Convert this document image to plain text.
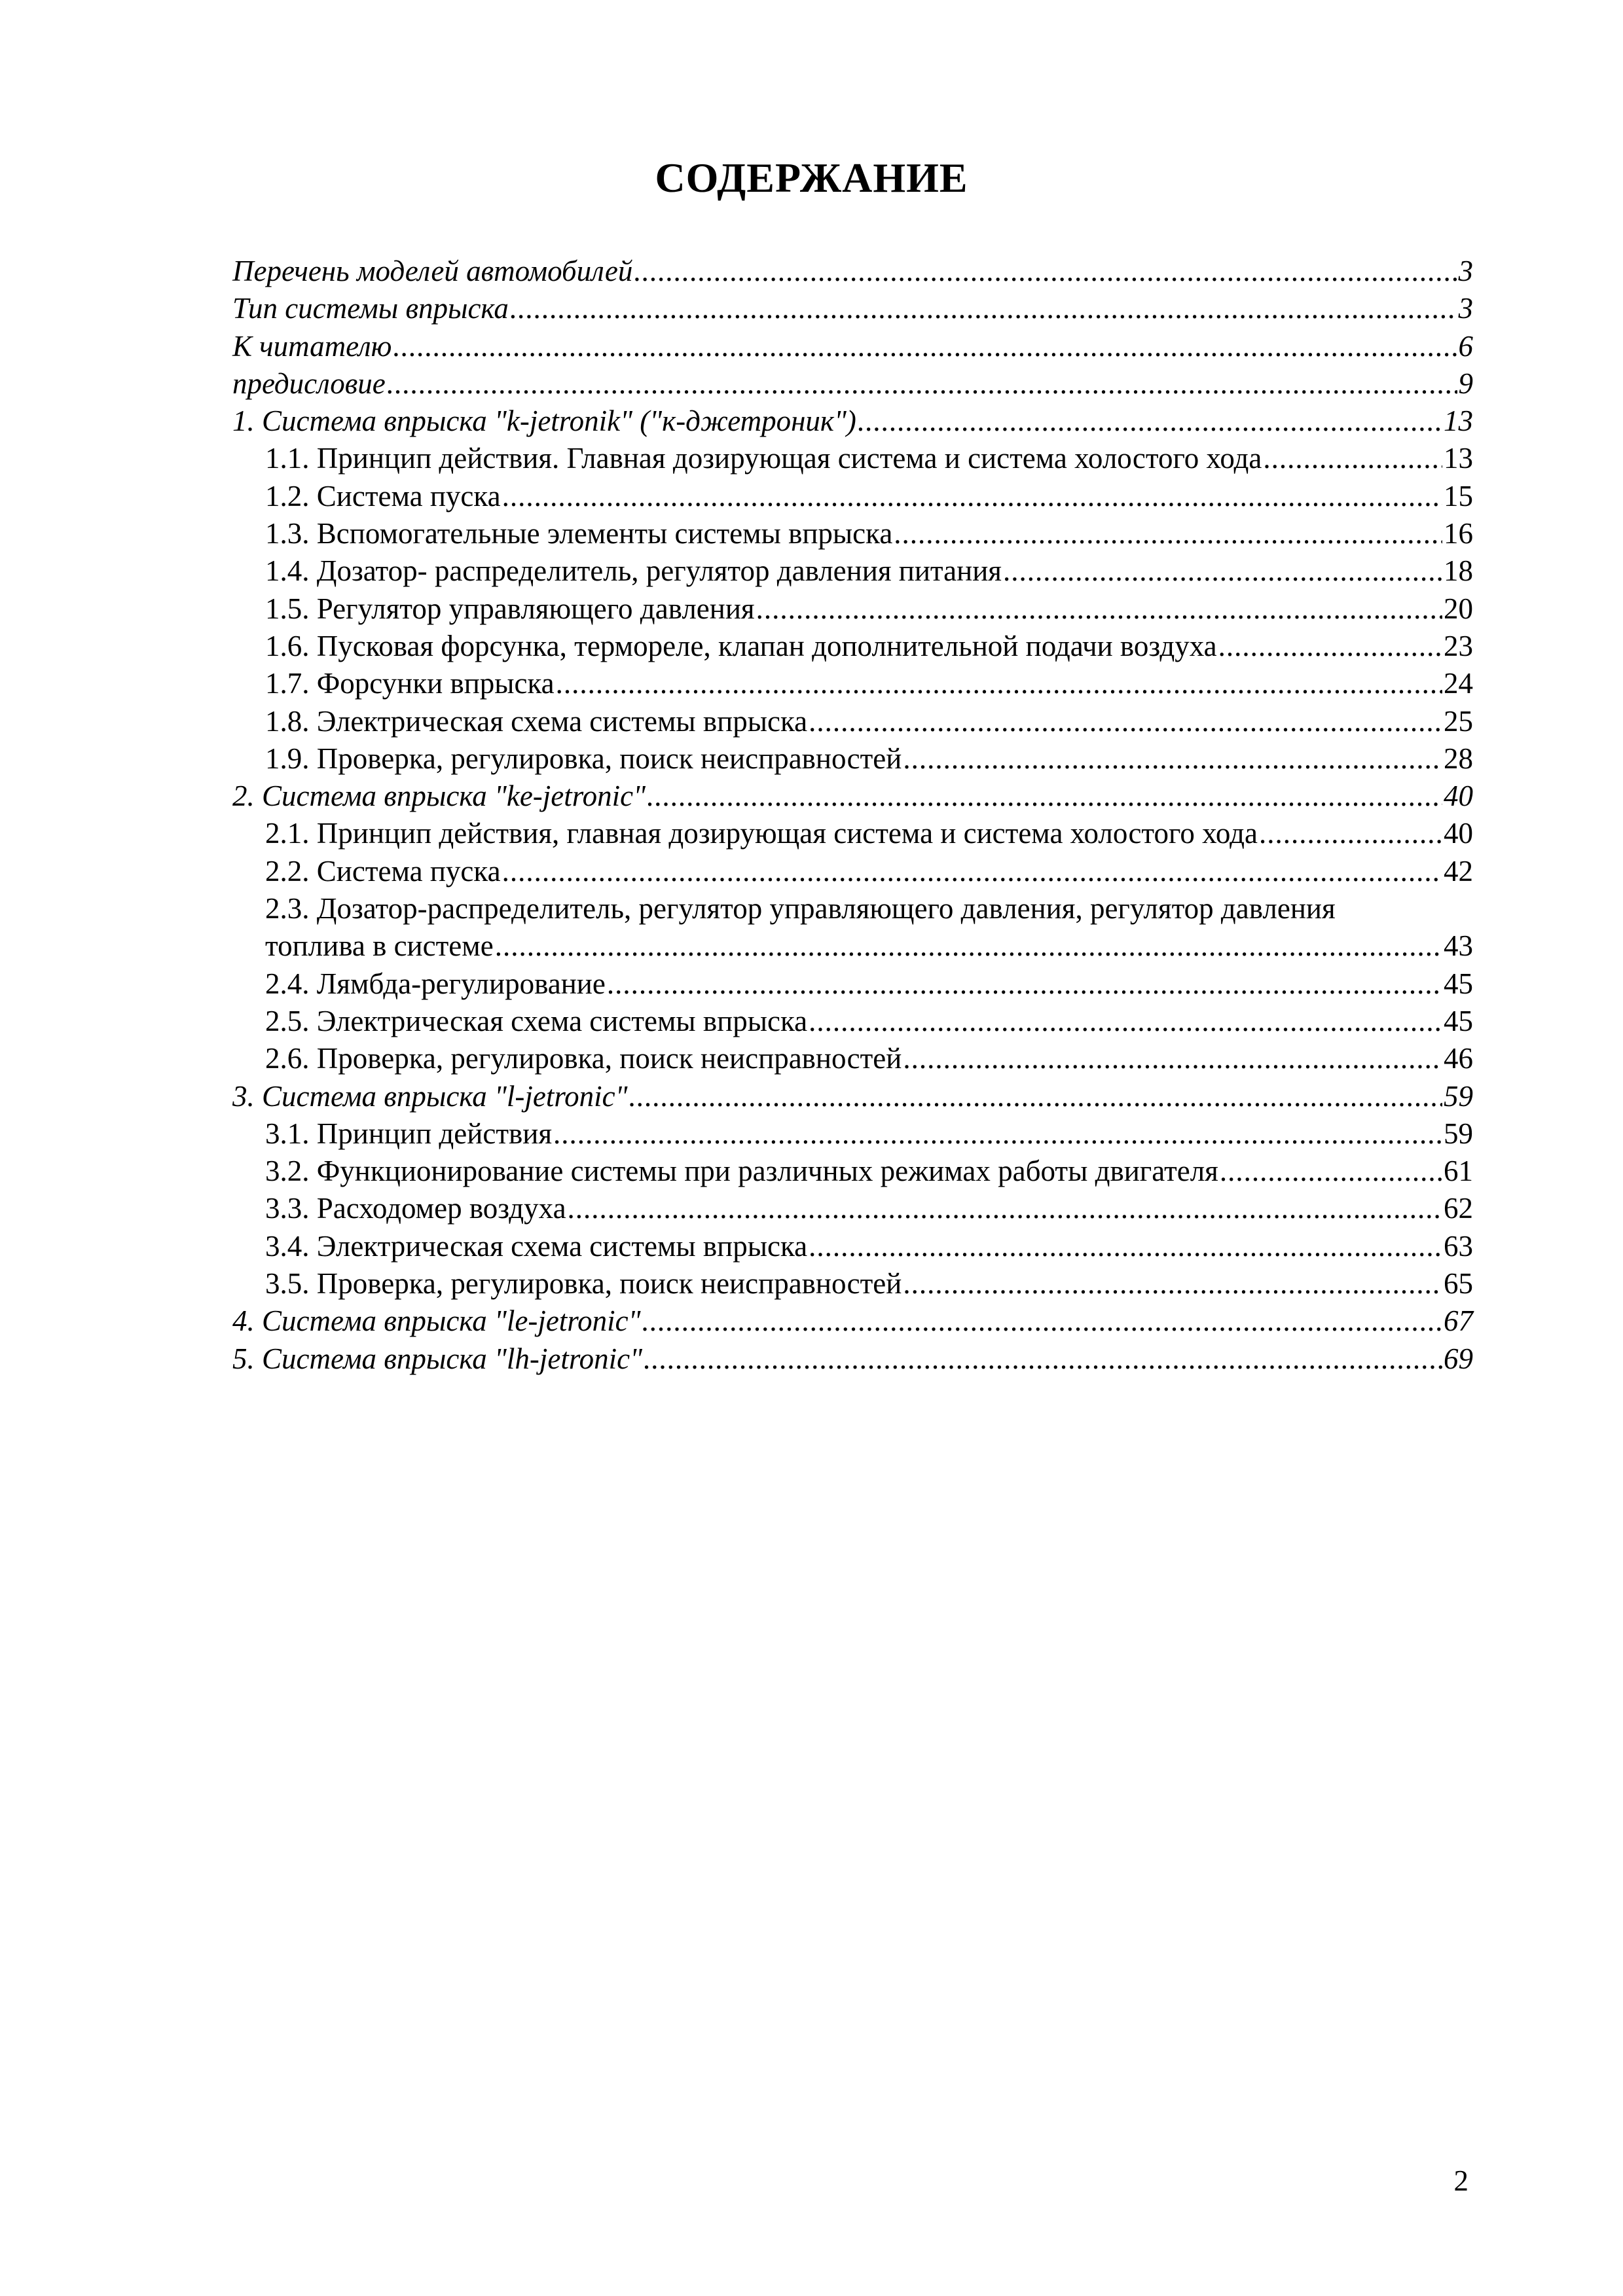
СОДЕРЖАНИЕ
Перечень моделей автомобилей .....	3
Тип системы впрыска .....	3
К читателю .....	6
предисловие .....	9
1. Система впрыска "k-jetronik" ("к-джетроник") .....	13
1.1. Принцип действия. Главная дозирующая система и система холостого хода .....	13
1.2. Система пуска .....	15
1.3. Вспомогательные элементы системы впрыска .....	16
1.4. Дозатор- распределитель, регулятор давления питания .....	18
1.5. Регулятор управляющего давления .....	20
1.6. Пусковая форсунка, термореле, клапан дополнительной подачи воздуха .....	23
1.7. Форсунки впрыска .....	24
1.8. Электрическая схема системы впрыска .....	25
1.9. Проверка, регулировка, поиск неисправностей .....	28
2. Система впрыска "ke-jetronic" .....	40
2.1. Принцип действия, главная дозирующая система и система холостого хода .....	40
2.2. Система пуска .....	42
2.3. Дозатор-распределитель, регулятор управляющего давления, регулятор давления
топлива в системе .....	43
2.4. Лямбда-регулирование .....	45
2.5. Электрическая схема системы впрыска .....	45
2.6. Проверка, регулировка, поиск неисправностей .....	46
3. Система впрыска "l-jetronic" .....	59
3.1. Принцип действия .....	59
3.2. Функционирование системы при различных режимах работы двигателя .....	61
3.3. Расходомер воздуха .....	62
3.4. Электрическая схема системы впрыска .....	63
3.5. Проверка, регулировка, поиск неисправностей .....	65
4. Система впрыска "le-jetronic" .....	67
5. Система впрыска "lh-jetronic" .....	69
2
